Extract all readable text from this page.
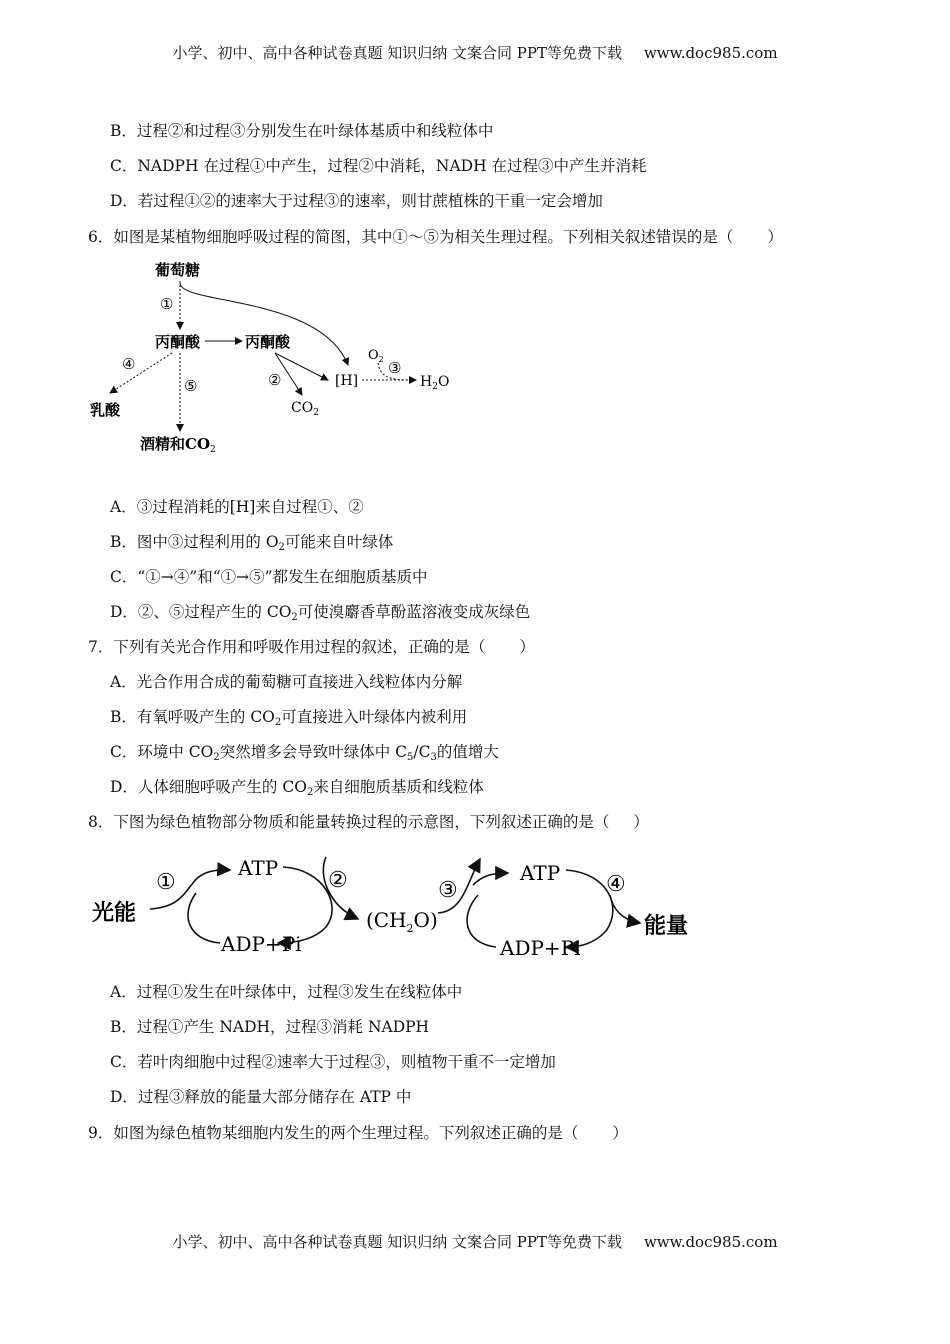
小学、初中、高中各种试卷真题 知识归纳 文案合同 PPT等免费下载 www.doc985.com
B．过程②和过程③分别发生在叶绿体基质中和线粒体中
C．NADPH 在过程①中产生，过程②中消耗，NADH 在过程③中产生并消耗
D．若过程①②的速率大于过程③的速率，则甘蔗植株的干重一定会增加
6．如图是某植物细胞呼吸过程的简图，其中①～⑤为相关生理过程。下列相关叙述错误的是（ ）
葡萄糖
①
丙酮酸	丙酮酸
②
$CO_2$
[H]
$O_2$ ③
$H_2O$
④
乳酸
⑤
酒精和$CO_2$
A．③过程消耗的[H]来自过程①、②
B．图中③过程利用的 $O_2$可能来自叶绿体
C．“①→④”和“①→⑤”都发生在细胞质基质中
D．②、⑤过程产生的 $CO_2$可使溴麝香草酚蓝溶液变成灰绿色
7．下列有关光合作用和呼吸作用过程的叙述，正确的是（ ）
A．光合作用合成的葡萄糖可直接进入线粒体内分解
B．有氧呼吸产生的 $CO_2$可直接进入叶绿体内被利用
C．环境中 $CO_2$突然增多会导致叶绿体中 $C_5/C_3$的值增大
D．人体细胞呼吸产生的 $CO_2$来自细胞质基质和线粒体
8．下图为绿色植物部分物质和能量转换过程的示意图，下列叙述正确的是（ ）
光能
①
ATP
ADP+Pi
②
$(CH_2O)$
③
ATP
ADP+Pi
④
能量
A．过程①发生在叶绿体中，过程③发生在线粒体中
B．过程①产生 NADH，过程③消耗 NADPH
C．若叶肉细胞中过程②速率大于过程③，则植物干重不一定增加
D．过程③释放的能量大部分储存在 ATP 中
9．如图为绿色植物某细胞内发生的两个生理过程。下列叙述正确的是（ ）
小学、初中、高中各种试卷真题 知识归纳 文案合同 PPT等免费下载 www.doc985.com
